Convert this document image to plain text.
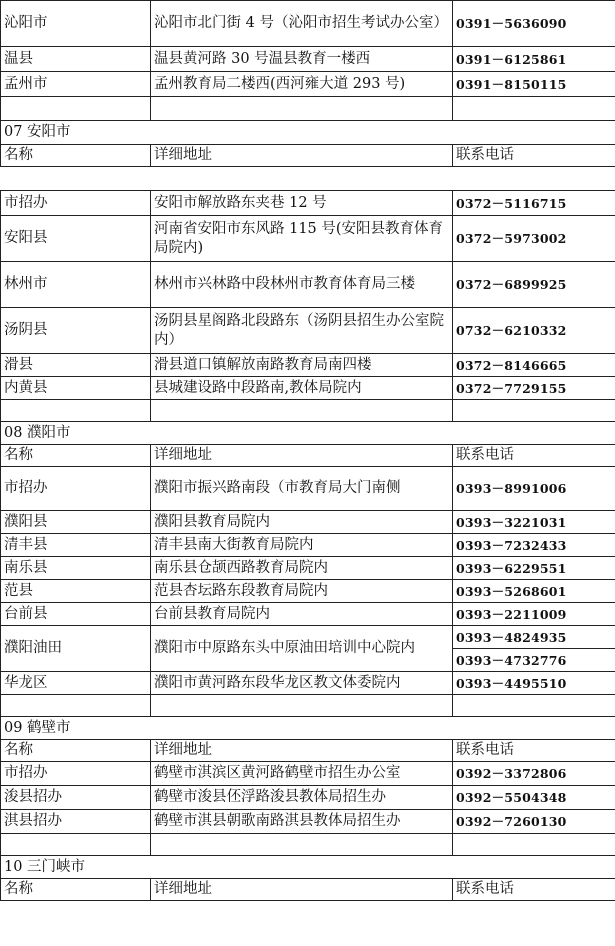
沁阳市	沁阳市北门街 4 号（沁阳市招生考试办公室）	0391－5636090
温县	温县黄河路 30 号温县教育一楼西	0391－6125861
孟州市	孟州教育局二楼西(西河雍大道 293 号)	0391－8150115

07 安阳市		
名称	详细地址	联系电话
市招办	安阳市解放路东夹巷 12 号	0372－5116715
安阳县	河南省安阳市东风路 115 号(安阳县教育体育局院内)	0372－5973002
林州市	林州市兴林路中段林州市教育体育局三楼	0372－6899925
汤阴县	汤阴县星阁路北段路东（汤阴县招生办公室院内）	0732－6210332
滑县	滑县道口镇解放南路教育局南四楼	0372－8146665
内黄县	县城建设路中段路南,教体局院内	0372－7729155

08 濮阳市		
名称	详细地址	联系电话
市招办	濮阳市振兴路南段（市教育局大门南侧	0393－8991006
濮阳县	濮阳县教育局院内	0393－3221031
清丰县	清丰县南大街教育局院内	0393－7232433
南乐县	南乐县仓颉西路教育局院内	0393－6229551
范县	范县杏坛路东段教育局院内	0393－5268601
台前县	台前县教育局院内	0393－2211009
濮阳油田	濮阳市中原路东头中原油田培训中心院内	0393－4824935
		0393－4732776
华龙区	濮阳市黄河路东段华龙区教文体委院内	0393－4495510

09 鹤壁市		
名称	详细地址	联系电话
市招办	鹤壁市淇滨区黄河路鹤壁市招生办公室	0392－3372806
浚县招办	鹤壁市浚县伾浮路浚县教体局招生办	0392－5504348
淇县招办	鹤壁市淇县朝歌南路淇县教体局招生办	0392－7260130

10 三门峡市		
名称	详细地址	联系电话
